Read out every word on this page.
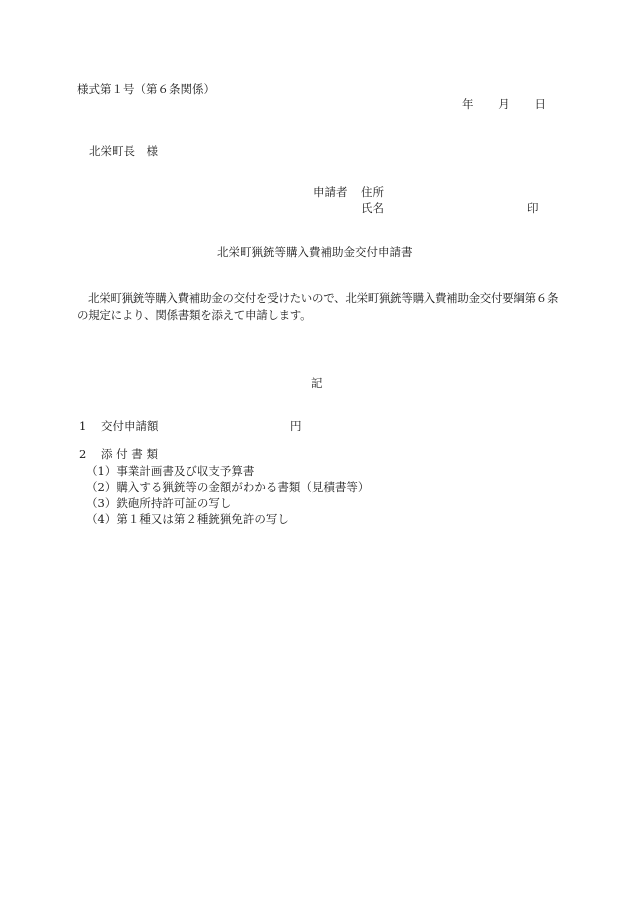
様式第１号（第６条関係）
年 月 日
北栄町長　様
申請者 住所
氏名	印
北栄町猟銃等購入費補助金交付申請書
北栄町猟銃等購入費補助金の交付を受けたいので、北栄町猟銃等購入費補助金交付要綱第６条の規定により、関係書類を添えて申請します。
記
1 交付申請額	円
2 添 付 書 類
（1）事業計画書及び収支予算書
（2）購入する猟銃等の金額がわかる書類（見積書等）
（3）鉄砲所持許可証の写し
（4）第１種又は第２種銃猟免許の写し
